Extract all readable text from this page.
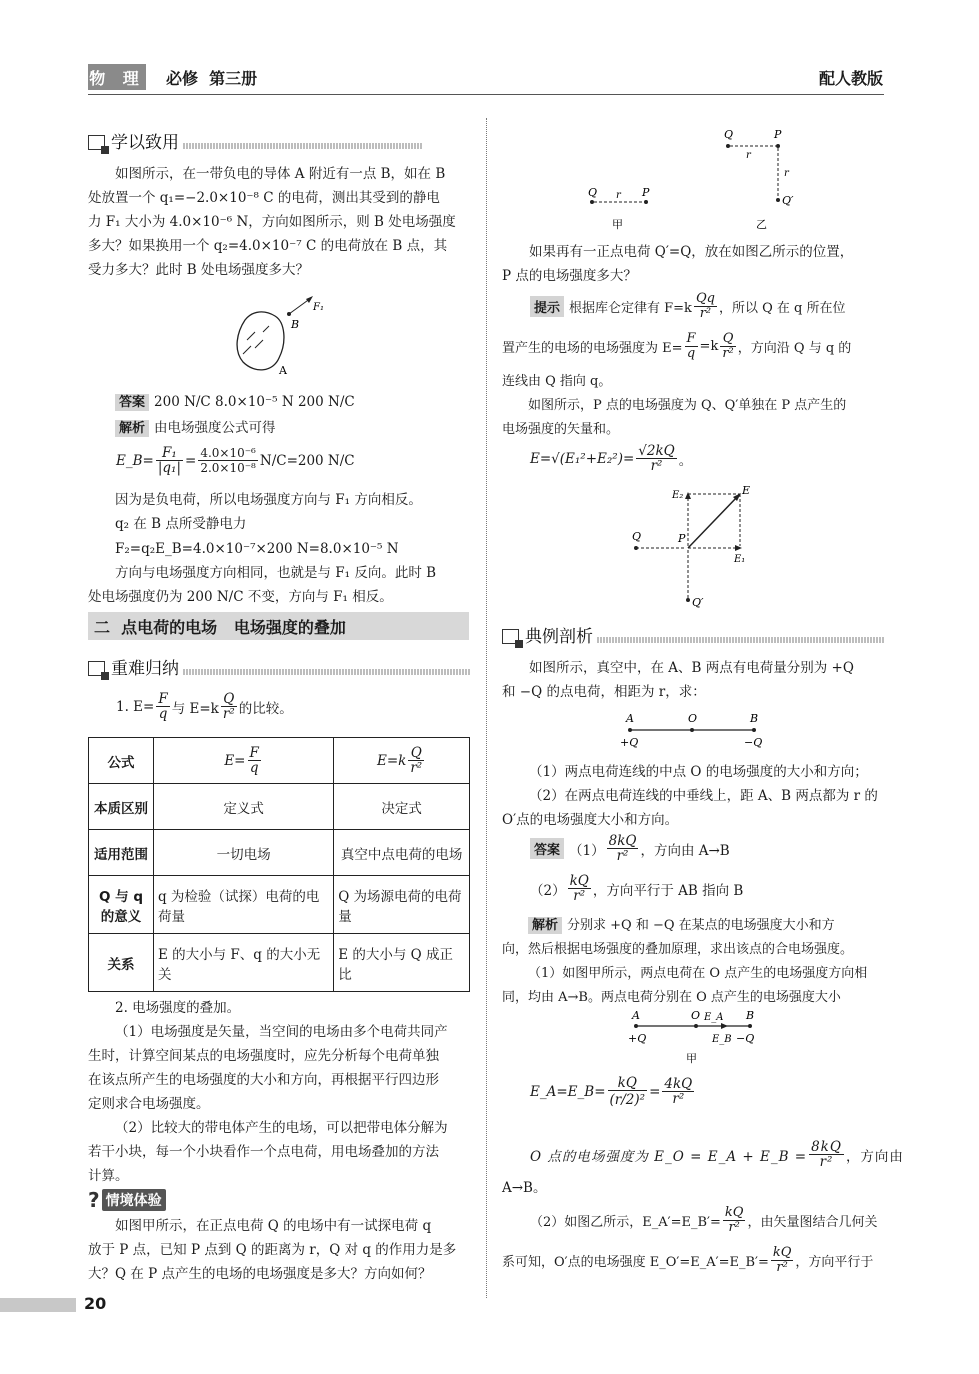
物 理 必修  第三册	配人教版
学以致用

如图所示，在一带负电的导体 A 附近有一点 B，如在 B

处放置一个 q₁=−2.0×10⁻⁸ C 的电荷，测出其受到的静电

力 F₁ 大小为 4.0×10⁻⁶ N，方向如图所示，则 B 处电场强度

多大？如果换用一个 q₂=4.0×10⁻⁷ C 的电荷放在 B 点，其

受力多大？此时 B 处电场强度多大？

F₁
B
A

答案 200 N/C 8.0×10⁻⁵ N 200 N/C

解析 由电场强度公式可得

E_B= $\frac{\text{F₁}}{\text{|q₁|}} = \frac{\text{4.0×10⁻⁶}}{\text{2.0×10⁻⁸}} N/C=200$ N/C

因为是负电荷，所以电场强度方向与 F₁ 方向相反。

q₂ 在 B 点所受静电力

F₂=q₂E_B=4.0×10⁻⁷×200 N=8.0×10⁻⁵ N

方向与电场强度方向相同，也就是与 F₁ 反向。此时 B

处电场强度仍为 200 N/C 不变，方向与 F₁ 相反。

二  点电荷的电场   电场强度的叠加
重难归纳
1. $E= \frac{F}{q}$ 与 $E=k \frac{Q}{\text{r²}}$ 的比较。
公式	$E= \frac{F}{q}$	$E=k \frac{Q}{\text{r²}}$

本质区别	定义式	决定式
适用范围	一切电场	真空中点电荷的电场
Q 与 q 的意义	q 为检验（试探）电荷的电荷量	Q 为场源电荷的电荷量
关系	E 的大小与 F、q 的大小无关	E 的大小与 Q 成正比

2. 电场强度的叠加。

（1）电场强度是矢量，当空间的电场由多个电荷共同产

生时，计算空间某点的电场强度时，应先分析每个电荷单独

在该点所产生的电场强度的大小和方向，再根据平行四边形

定则求合电场强度。

（2）比较大的带电体产生的电场，可以把带电体分解为

若干小块，每一个小块看作一个点电荷，用电场叠加的方法

计算。

? 情境体验

如图甲所示，在正点电荷 Q 的电场中有一试探电荷 q

放于 P 点，已知 P 点到 Q 的距离为 r，Q 对 q 的作用力是多

大？Q 在 P 点产生的电场的电场强度是多大？方向如何？

Q r P
甲
Q	P
r
r
Q′
乙

如果再有一正点电荷 Q′=Q，放在如图乙所示的位置，

P 点的电场强度多大？

提示 根据库仑定律有 $F=k \frac{Qq}{\text{r²}}$ ，所以 Q 在 q 所在位
置产生的电场的电场强度为 $E= \frac{F}{q} =k \frac{Q}{\text{r²}}$ ，方向沿 Q 与 q 的

连线由 Q 指向 q。

如图所示，P 点的电场强度为 Q、Q′单独在 P 点产生的

电场强度的矢量和。

$E=√(E_1^2+E_2^2)= \frac{√2kQ}{\text{r²}}$ 。
E₂	E
Q	P
E₁
Q′
典例剖析

如图所示，真空中，在 A、B 两点有电荷量分别为 +Q

和 −Q 的点电荷，相距为 r，求：

A	O	B
+Q	−Q

（1）两点电荷连线的中点 O 的电场强度的大小和方向；

（2）在两点电荷连线的中垂线上，距 A、B 两点都为 r 的

O′点的电场强度大小和方向。

答案 $(1) \frac{8kQ}{\text{r²}}$ ，方向由 A→B
$(2) \frac{kQ}{\text{r²}}$ ，方向平行于 AB 指向 B

解析 分别求 +Q 和 −Q 在某点的电场强度大小和方

向，然后根据电场强度的叠加原理，求出该点的合电场强度。

（1）如图甲所示，两点电荷在 O 点产生的电场强度方向相

同，均由 A→B。两点电荷分别在 O 点产生的电场强度大小

A	O E_A B
+Q	E_B −Q
甲
E_A=E_B= $\frac{kQ}{\text{(r/2)²}} = \frac{4kQ}{\text{r²}}$
O 点的电场强度为 E_O = E_A + E_B = $\frac{8kQ}{\text{r²}}$ ，方向由

A→B。

（2）如图乙所示，E_A′=E_B′= $\frac{kQ}{\text{r²}}$ ，由矢量图结合几何关
系可知，O′点的电场强度 E_O′=E_A′=E_B′= $\frac{kQ}{\text{r²}}$ ，方向平行于
20
